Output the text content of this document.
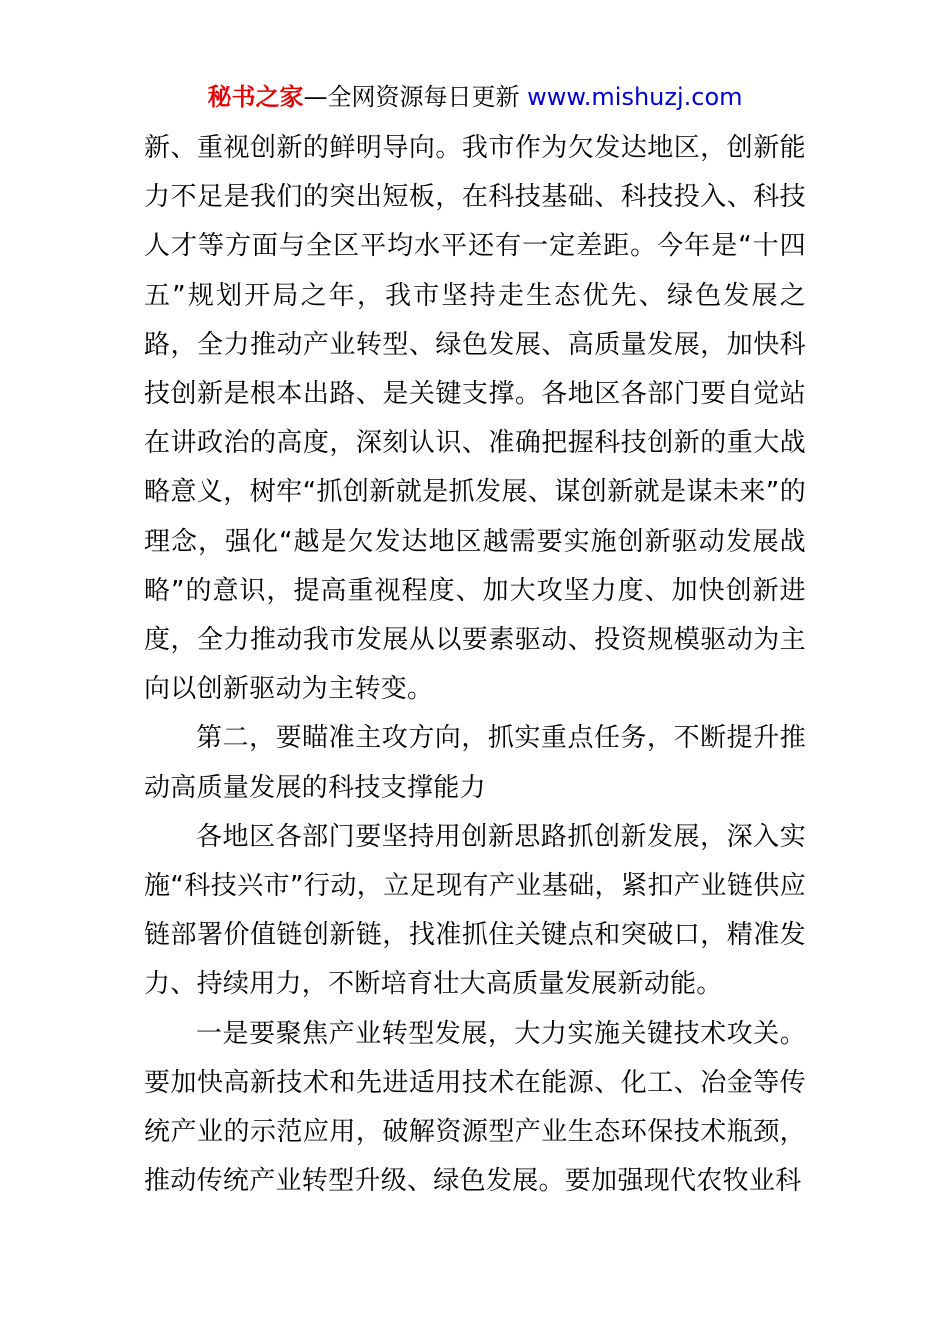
秘书之家—全网资源每日更新 www.mishuzj.com

新、重视创新的鲜明导向。我市作为欠发达地区，创新能力不足是我们的突出短板，在科技基础、科技投入、科技人才等方面与全区平均水平还有一定差距。今年是“十四五”规划开局之年，我市坚持走生态优先、绿色发展之路，全力推动产业转型、绿色发展、高质量发展，加快科技创新是根本出路、是关键支撑。各地区各部门要自觉站在讲政治的高度，深刻认识、准确把握科技创新的重大战略意义，树牢“抓创新就是抓发展、谋创新就是谋未来”的理念，强化“越是欠发达地区越需要实施创新驱动发展战略”的意识，提高重视程度、加大攻坚力度、加快创新进度，全力推动我市发展从以要素驱动、投资规模驱动为主向以创新驱动为主转变。

第二，要瞄准主攻方向，抓实重点任务，不断提升推动高质量发展的科技支撑能力

各地区各部门要坚持用创新思路抓创新发展，深入实施“科技兴市”行动，立足现有产业基础，紧扣产业链供应链部署价值链创新链，找准抓住关键点和突破口，精准发力、持续用力，不断培育壮大高质量发展新动能。

一是要聚焦产业转型发展，大力实施关键技术攻关。要加快高新技术和先进适用技术在能源、化工、冶金等传统产业的示范应用，破解资源型产业生态环保技术瓶颈，推动传统产业转型升级、绿色发展。要加强现代农牧业科
